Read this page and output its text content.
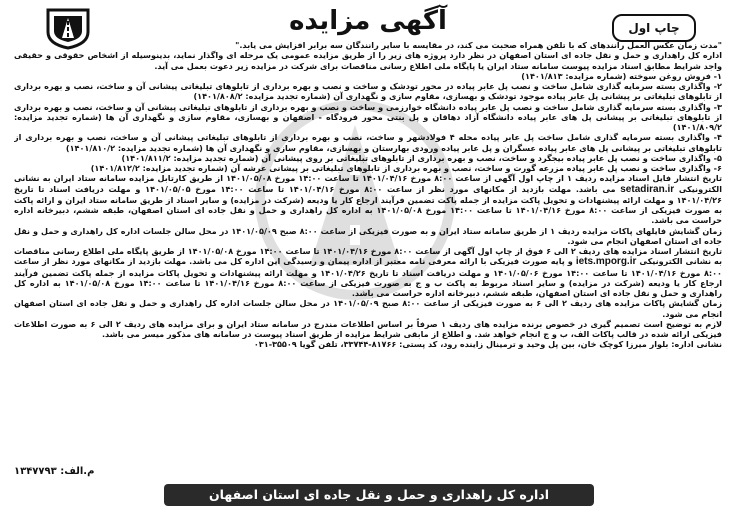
آگهی مزایده	چاپ اول

"مدت زمان عکس العمل رانندهای که با تلفن همراه صحبت می کند، در مقایسه با سایر رانندگان سه برابر افزایش می یابد."

اداره کل راهداری و حمل و نقل جاده ای استان اصفهان در نظر دارد پروژه های زیر را از طریق مزایده عمومی یک مرحله ای واگذار نماید، بدینوسیله از اشخاص حقوقی و حقیقی واجد شرایط مطابق اسناد مزایده پیوست سامانه ستاد ایران یا پایگاه ملی اطلاع رسانی مناقصات برای شرکت در مزایده زیر دعوت بعمل می آید.

۱- فروش روغن سوخته (شماره مزایده: ۱۴۰۱/۸۱۳)

۲- واگذاری بسته سرمایه گذاری شامل ساخت و نصب پل عابر پیاده در محور تودشک و ساخت و نصب و بهره برداری از تابلوهای تبلیغاتی پیشانی آن و ساخت، نصب و بهره برداری از تابلوهای تبلیغاتی بر پیشانی پل عابر پیاده موجود تودشک و بهسازی، مقاوم سازی و نگهداری آن (شماره تجدید مزایده: ۱۴۰۱/۸۰۸/۲)

۳- واگذاری بسته سرمایه گذاری شامل ساخت و نصب پل عابر پیاده دانشگاه خوارزمی و ساخت و نصب و بهره برداری از تابلوهای تبلیغاتی پیشانی آن و ساخت، نصب و بهره برداری از تابلوهای تبلیغاتی بر پیشانی پل های عابر پیاده دانشگاه آزاد دهاقان و پل بنتی محور فرودگاه - اصفهان و بهسازی، مقاوم سازی و نگهداری آن ها (شماره تجدید مزایده: ۱۴۰۱/۸۰۹/۲)

۴- واگذاری بسته سرمایه گذاری شامل ساخت پل عابر پیاده محله ۴ فولادشهر و ساخت، نصب و بهره برداری از تابلوهای تبلیغاتی پیشانی آن و ساخت، نصب و بهره برداری از تابلوهای تبلیغاتی بر پیشانی پل های عابر پیاده عسگران و پل عابر پیاده ورودی بهارستان و بهسازی، مقاوم سازی و نگهداری آن ها (شماره تجدید مزایده: ۱۴۰۱/۸۱۰/۲)

۵- واگذاری ساخت و نصب پل عابر پیاده بیجگرد و ساخت، نصب و بهره برداری از تابلوهای تبلیغاتی بر روی پیشانی آن (شماره تجدید مزایده: ۱۴۰۱/۸۱۱/۲)

۶- واگذاری ساخت و نصب پل عابر پیاده مزرعه گورت و ساخت، نصب و بهره برداری از تابلوهای تبلیغاتی بر پیشانی عرشه آن (شماره تجدید مزایده: ۱۴۰۱/۸۱۲/۲)

تاریخ انتشار فایل اسناد مزایده ردیف ۱ از چاپ اول آگهی از ساعت ۸:۰۰ مورخ ۱۴۰۱/۰۴/۱۶ تا ساعت ۱۴:۰۰ مورخ ۱۴۰۱/۰۵/۰۸ از طریق کارتابل مزایده سامانه ستاد ایران به نشانی الکترونیکی setadiran.ir می باشد. مهلت بازدید از مکانهای مورد نظر از ساعت ۸:۰۰ مورخ ۱۴۰۱/۰۴/۱۶ تا ساعت ۱۴:۰۰ مورخ ۱۴۰۱/۰۵/۰۵ و مهلت دریافت اسناد تا تاریخ ۱۴۰۱/۰۴/۲۶ و مهلت ارائه پیشنهادات و تحویل پاکت مزایده از جمله پاکت تضمین فرآیند ارجاع کار یا ودیعه (شرکت در مزایده) و سایر اسناد از طریق سامانه ستاد ایران و ارائه پاکت به صورت فیزیکی از ساعت ۸:۰۰ مورخ ۱۴۰۱/۰۴/۱۶ تا ساعت ۱۴:۰۰ مورخ ۱۴۰۱/۰۵/۰۸ به اداره کل راهداری و حمل و نقل جاده ای استان اصفهان، طبقه ششم، دبیرخانه اداره حراست می باشد.

زمان گشایش فایلهای پاکات مزایده ردیف ۱ از طریق سامانه ستاد ایران و به صورت فیزیکی از ساعت ۸:۰۰ صبح ۱۴۰۱/۰۵/۰۹ در محل سالن جلسات اداره کل راهداری و حمل و نقل جاده ای استان اصفهان انجام می شود.

تاریخ انتشار اسناد مزایده های ردیف ۲ الی ۶ فوق از چاپ اول آگهی از ساعت ۸:۰۰ مورخ ۱۴۰۱/۰۴/۱۶ تا ساعت ۱۴:۰۰ مورخ ۱۴۰۱/۰۵/۰۸ از طریق پایگاه ملی اطلاع رسانی مناقصات به نشانی الکترونیکی iets.mporg.ir و پایه صورت فیزیکی با ارائه معرفی نامه معتبر از اداره پیمان و رسیدگی این اداره کل می باشد. مهلت بازدید از مکانهای مورد نظر از ساعت ۸:۰۰ مورخ ۱۴۰۱/۰۴/۱۶ تا ساعت ۱۴:۰۰ مورخ ۱۴۰۱/۰۵/۰۶ و مهلت دریافت اسناد تا تاریخ ۱۴۰۱/۰۴/۲۶ و مهلت ارائه پیشنهادات و تحویل پاکات مزایده از جمله پاکت تضمین فرآیند ارجاع کار یا ودیعه (شرکت در مزایده) و سایر اسناد مربوط به پاکت ب و ج به صورت فیزیکی از ساعت ۸:۰۰ مورخ ۱۴۰۱/۰۴/۱۶ تا ساعت ۱۴:۰۰ مورخ ۱۴۰۱/۰۵/۰۸ به اداره کل راهداری و حمل و نقل جاده ای استان اصفهان، طبقه ششم، دبیرخانه اداره حراست می باشد.

زمان گشایش پاکات مزایده های ردیف ۲ الی ۶ به صورت فیزیکی از ساعت ۸:۰۰ صبح ۱۴۰۱/۰۵/۰۹ در محل سالن جلسات اداره کل راهداری و حمل و نقل جاده ای استان اصفهان انجام می شود.

لازم به توضیح است تصمیم گیری در خصوص برنده مزایده های ردیف ۱ صرفاً بر اساس اطلاعات مندرج در سامانه ستاد ایران و برای مزایده های ردیف ۲ الی ۶ به صورت اطلاعات فیزیکی ارائه شده در قالب پاکات الف، ب و ج انجام خواهد شد. و اطلاع از مابقی شرایط مزایده از طریق اسناد پیوست در سامانه های مذکور میسر می باشد.

نشانی اداره: بلوار میرزا کوچک خان، بین پل وحید و ترمینال زاینده رود، کد پستی: ۸۱۷۶۶-۳۳۷۴۴، تلفن گویا ۳۵۵۰۹-۰۳۱

م.الف: ۱۳۴۷۷۹۳
اداره کل راهداری و حمل و نقل جاده ای استان اصفهان
